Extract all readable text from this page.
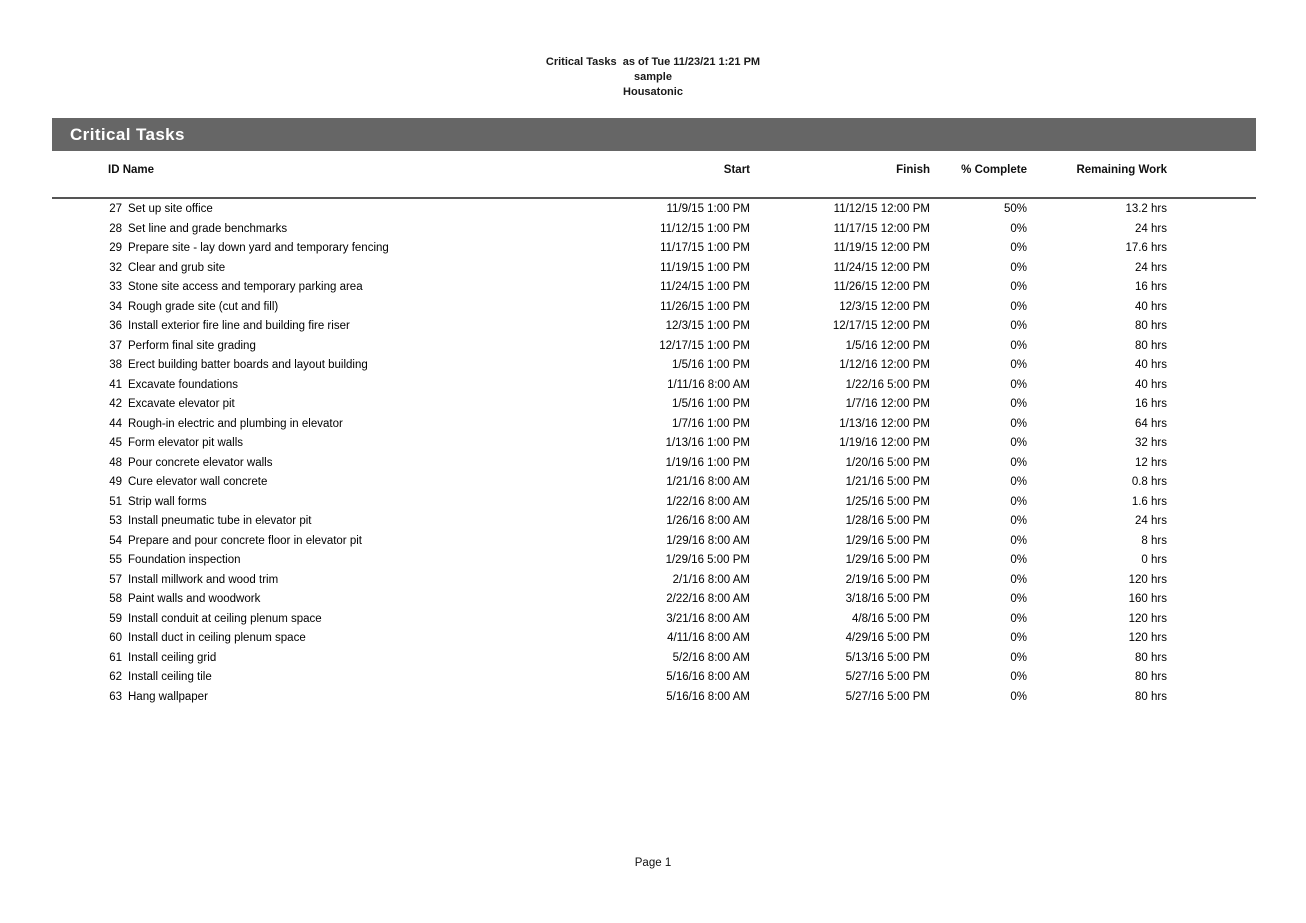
Critical Tasks  as of Tue 11/23/21 1:21 PM
sample
Housatonic
Critical Tasks
ID Name	Start	Finish	% Complete	Remaining Work
27 Set up site office	11/9/15 1:00 PM	11/12/15 12:00 PM	50%	13.2 hrs
28 Set line and grade benchmarks	11/12/15 1:00 PM	11/17/15 12:00 PM	0%	24 hrs
29 Prepare site - lay down yard and temporary fencing	11/17/15 1:00 PM	11/19/15 12:00 PM	0%	17.6 hrs
32 Clear and grub site	11/19/15 1:00 PM	11/24/15 12:00 PM	0%	24 hrs
33 Stone site access and temporary parking area	11/24/15 1:00 PM	11/26/15 12:00 PM	0%	16 hrs
34 Rough grade site (cut and fill)	11/26/15 1:00 PM	12/3/15 12:00 PM	0%	40 hrs
36 Install exterior fire line and building fire riser	12/3/15 1:00 PM	12/17/15 12:00 PM	0%	80 hrs
37 Perform final site grading	12/17/15 1:00 PM	1/5/16 12:00 PM	0%	80 hrs
38 Erect building batter boards and layout building	1/5/16 1:00 PM	1/12/16 12:00 PM	0%	40 hrs
41 Excavate foundations	1/11/16 8:00 AM	1/22/16 5:00 PM	0%	40 hrs
42 Excavate elevator pit	1/5/16 1:00 PM	1/7/16 12:00 PM	0%	16 hrs
44 Rough-in electric and plumbing in elevator	1/7/16 1:00 PM	1/13/16 12:00 PM	0%	64 hrs
45 Form elevator pit walls	1/13/16 1:00 PM	1/19/16 12:00 PM	0%	32 hrs
48 Pour concrete elevator walls	1/19/16 1:00 PM	1/20/16 5:00 PM	0%	12 hrs
49 Cure elevator wall concrete	1/21/16 8:00 AM	1/21/16 5:00 PM	0%	0.8 hrs
51 Strip wall forms	1/22/16 8:00 AM	1/25/16 5:00 PM	0%	1.6 hrs
53 Install pneumatic tube in elevator pit	1/26/16 8:00 AM	1/28/16 5:00 PM	0%	24 hrs
54 Prepare and pour concrete floor in elevator pit	1/29/16 8:00 AM	1/29/16 5:00 PM	0%	8 hrs
55 Foundation inspection	1/29/16 5:00 PM	1/29/16 5:00 PM	0%	0 hrs
57 Install millwork and wood trim	2/1/16 8:00 AM	2/19/16 5:00 PM	0%	120 hrs
58 Paint walls and woodwork	2/22/16 8:00 AM	3/18/16 5:00 PM	0%	160 hrs
59 Install conduit at ceiling plenum space	3/21/16 8:00 AM	4/8/16 5:00 PM	0%	120 hrs
60 Install duct in ceiling plenum space	4/11/16 8:00 AM	4/29/16 5:00 PM	0%	120 hrs
61 Install ceiling grid	5/2/16 8:00 AM	5/13/16 5:00 PM	0%	80 hrs
62 Install ceiling tile	5/16/16 8:00 AM	5/27/16 5:00 PM	0%	80 hrs
63 Hang wallpaper	5/16/16 8:00 AM	5/27/16 5:00 PM	0%	80 hrs
Page 1
